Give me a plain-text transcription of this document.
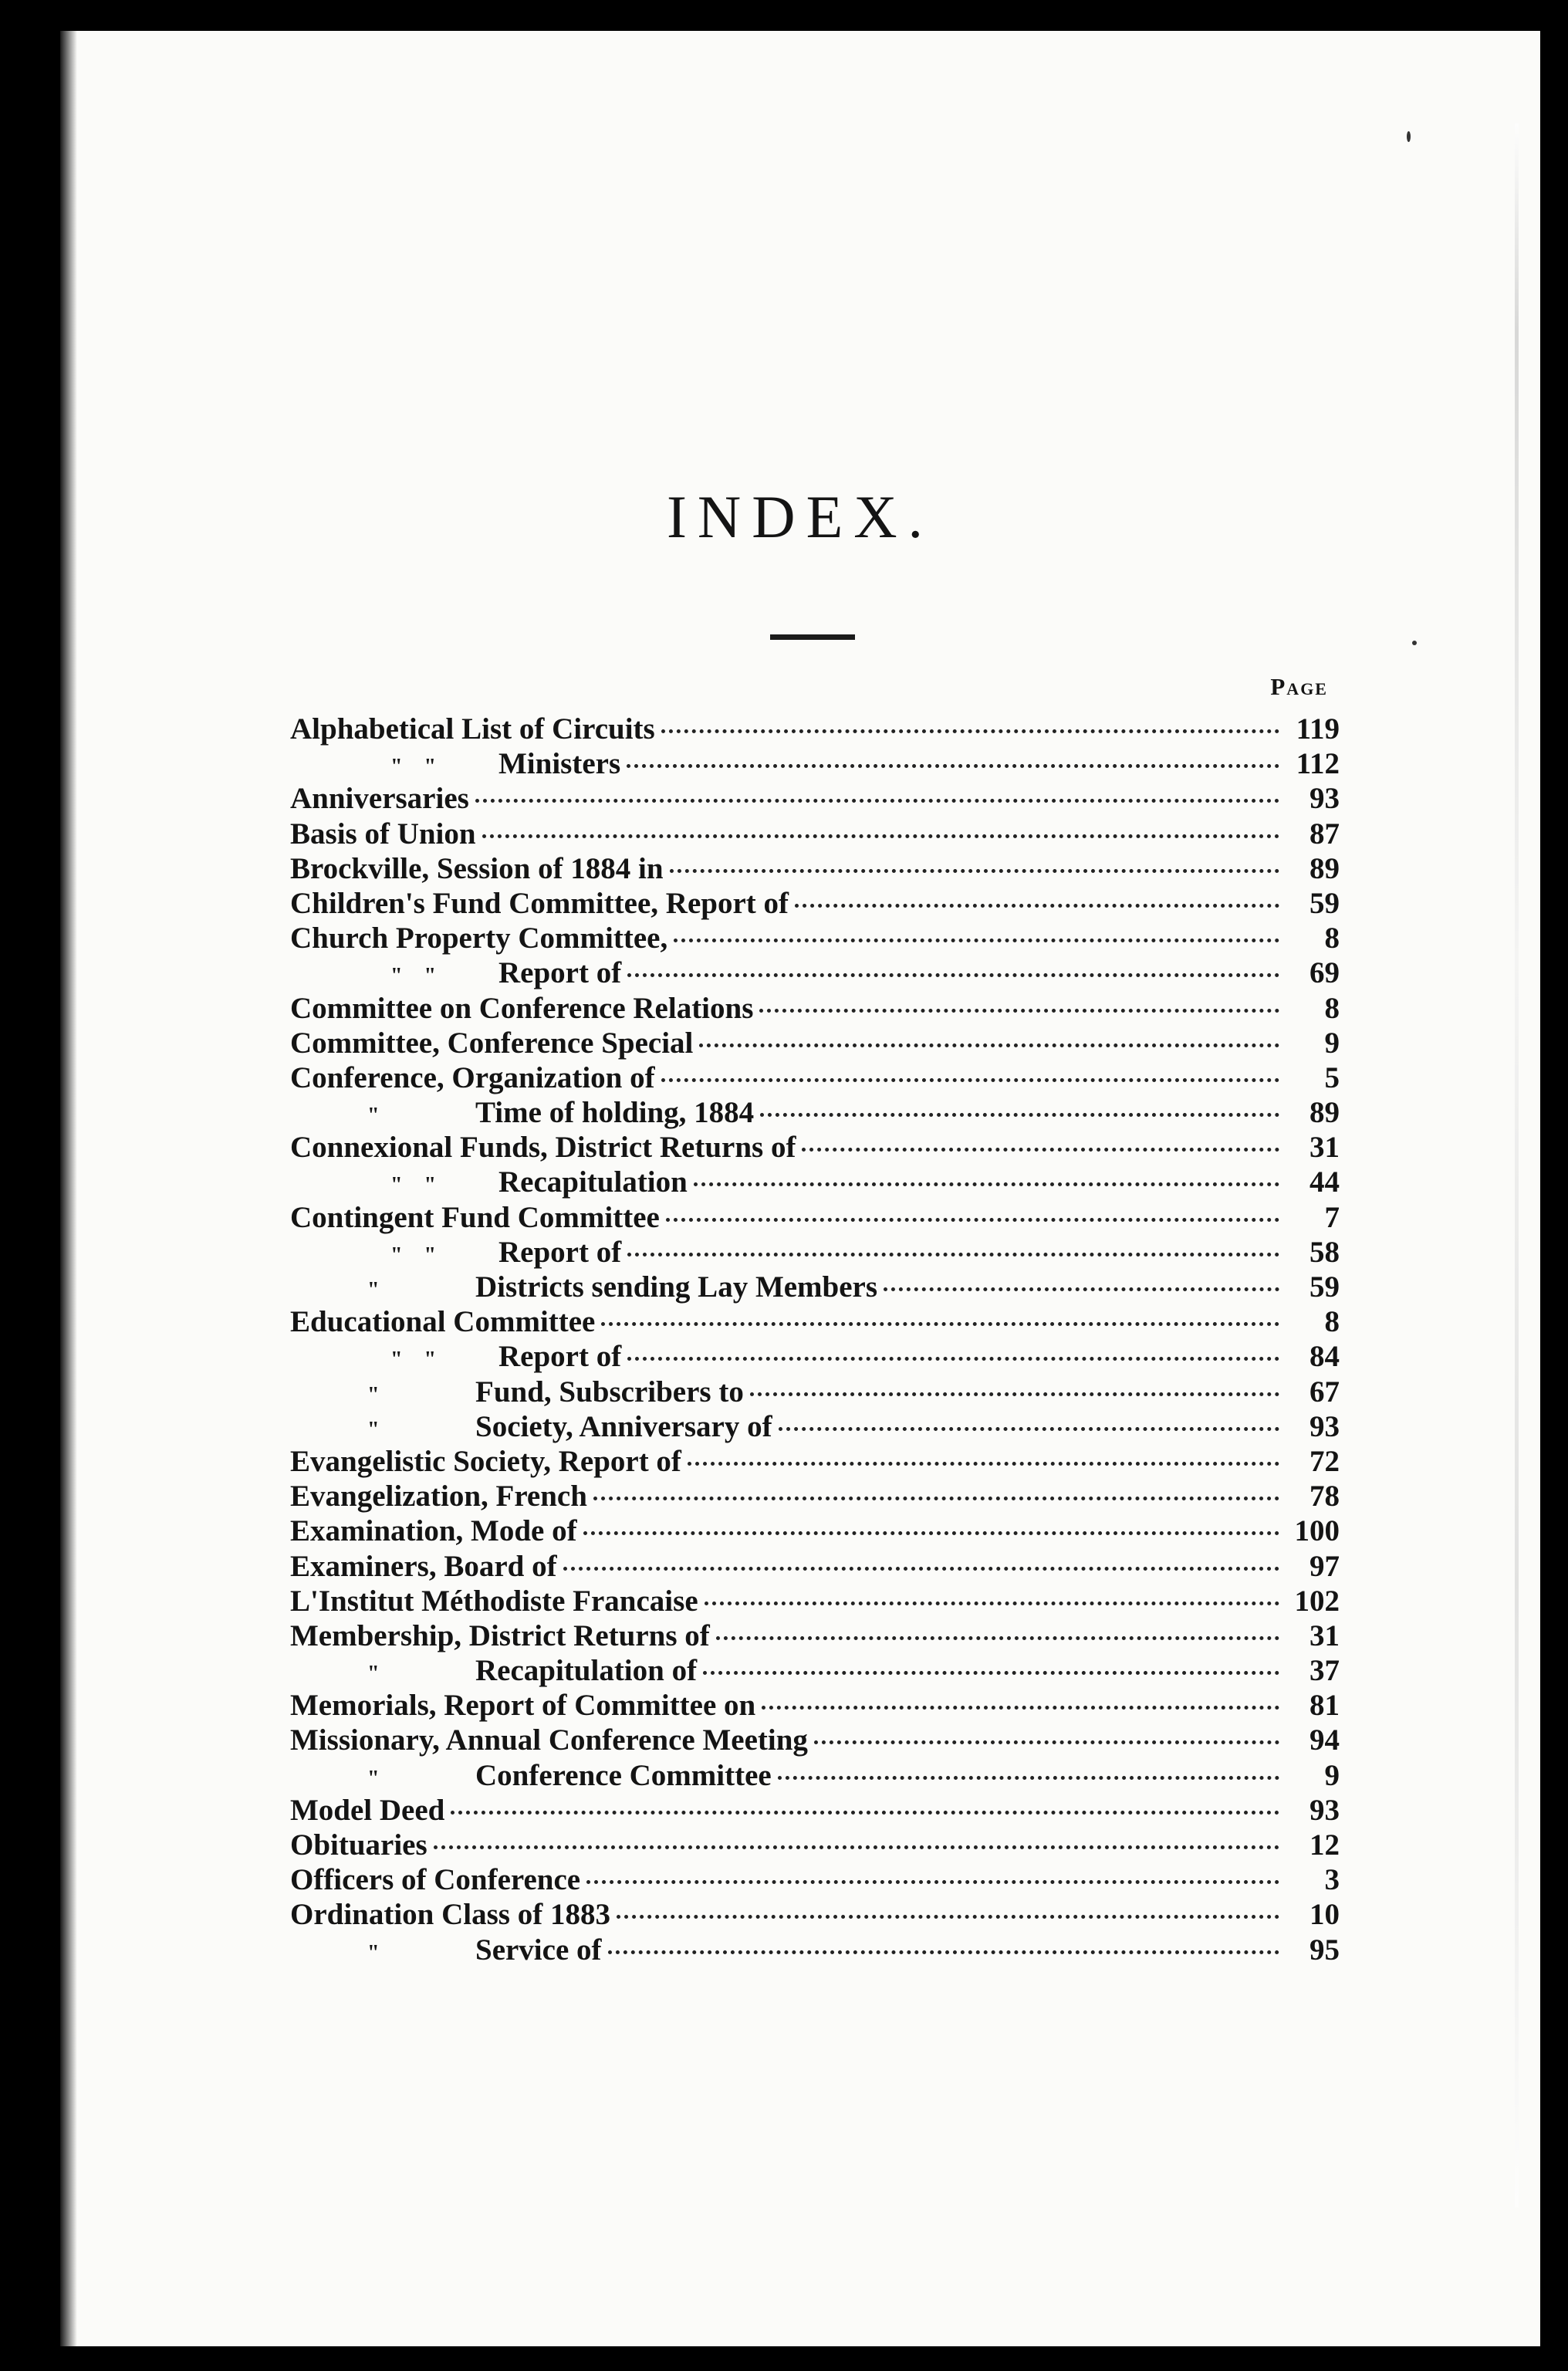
INDEX.
Page
Alphabetical List of Circuits	119
"    " Ministers	112
Anniversaries	93
Basis of Union	87
Brockville, Session of 1884 in	89
Children's Fund Committee, Report of	59
Church Property Committee,	8
"    " Report of	69
Committee on Conference Relations	8
Committee, Conference Special	9
Conference, Organization of	5
"	Time of holding, 1884	89
Connexional Funds, District Returns of	31
"    " Recapitulation	44
Contingent Fund Committee	7
"    " Report of	58
"	Districts sending Lay Members	59
Educational Committee	8
"    " Report of	84
"	Fund, Subscribers to	67
"	Society, Anniversary of	93
Evangelistic Society, Report of	72
Evangelization, French	78
Examination, Mode of	100
Examiners, Board of	97
L'Institut Méthodiste Francaise	102
Membership, District Returns of	31
"	Recapitulation of	37
Memorials, Report of Committee on	81
Missionary, Annual Conference Meeting	94
"	Conference Committee	9
Model Deed	93
Obituaries	12
Officers of Conference	3
Ordination Class of 1883	10
"	Service of	95
